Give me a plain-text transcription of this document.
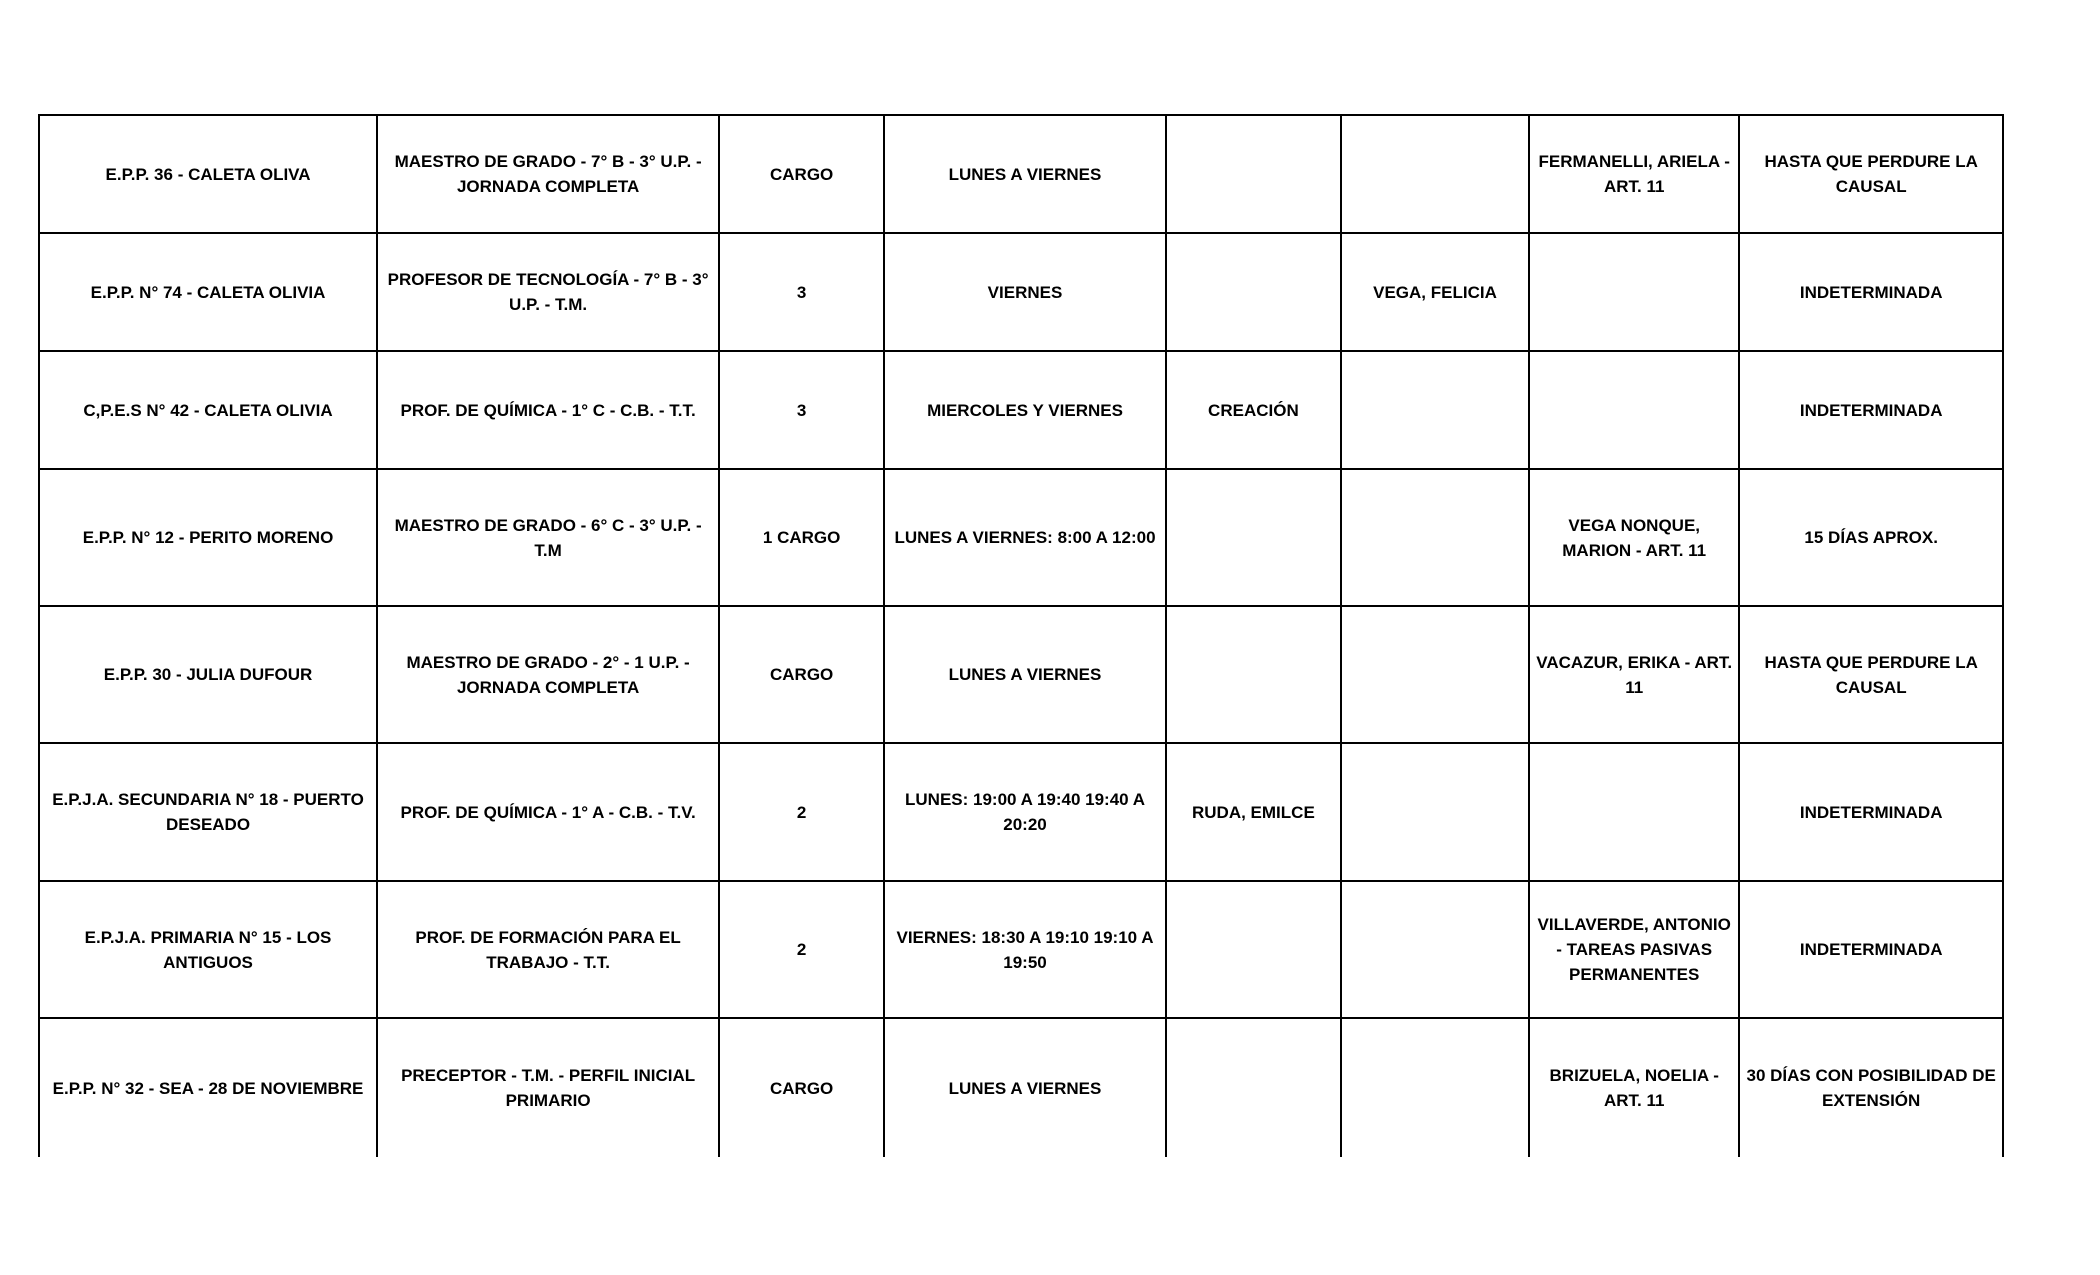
E.P.P. 36 - CALETA OLIVA	MAESTRO DE GRADO - 7° B - 3° U.P. - JORNADA COMPLETA	CARGO	LUNES A VIERNES			FERMANELLI, ARIELA - ART. 11	HASTA QUE PERDURE LA CAUSAL
E.P.P. N° 74 - CALETA OLIVIA	PROFESOR DE TECNOLOGÍA - 7° B - 3° U.P. - T.M.	3	VIERNES		VEGA, FELICIA		INDETERMINADA
C,P.E.S N° 42 - CALETA OLIVIA	PROF. DE QUÍMICA - 1° C - C.B. - T.T.	3	MIERCOLES Y VIERNES	CREACIÓN			INDETERMINADA
E.P.P. N° 12 - PERITO MORENO	MAESTRO DE GRADO - 6° C - 3° U.P. - T.M	1 CARGO	LUNES A VIERNES: 8:00 A 12:00			VEGA NONQUE, MARION - ART. 11	15 DÍAS APROX.
E.P.P. 30 - JULIA DUFOUR	MAESTRO DE GRADO - 2° - 1 U.P. - JORNADA COMPLETA	CARGO	LUNES A VIERNES			VACAZUR, ERIKA - ART. 11	HASTA QUE PERDURE LA CAUSAL
E.P.J.A. SECUNDARIA N° 18 - PUERTO DESEADO	PROF. DE QUÍMICA - 1° A - C.B. - T.V.	2	LUNES: 19:00 A 19:40 19:40 A 20:20	RUDA, EMILCE			INDETERMINADA
E.P.J.A. PRIMARIA N° 15 - LOS ANTIGUOS	PROF. DE FORMACIÓN PARA EL TRABAJO - T.T.	2	VIERNES: 18:30 A 19:10 19:10 A 19:50			VILLAVERDE, ANTONIO - TAREAS PASIVAS PERMANENTES	INDETERMINADA
E.P.P. N° 32 - SEA - 28 DE NOVIEMBRE	PRECEPTOR - T.M. - PERFIL INICIAL PRIMARIO	CARGO	LUNES A VIERNES			BRIZUELA, NOELIA - ART. 11	30 DÍAS CON POSIBILIDAD DE EXTENSIÓN
